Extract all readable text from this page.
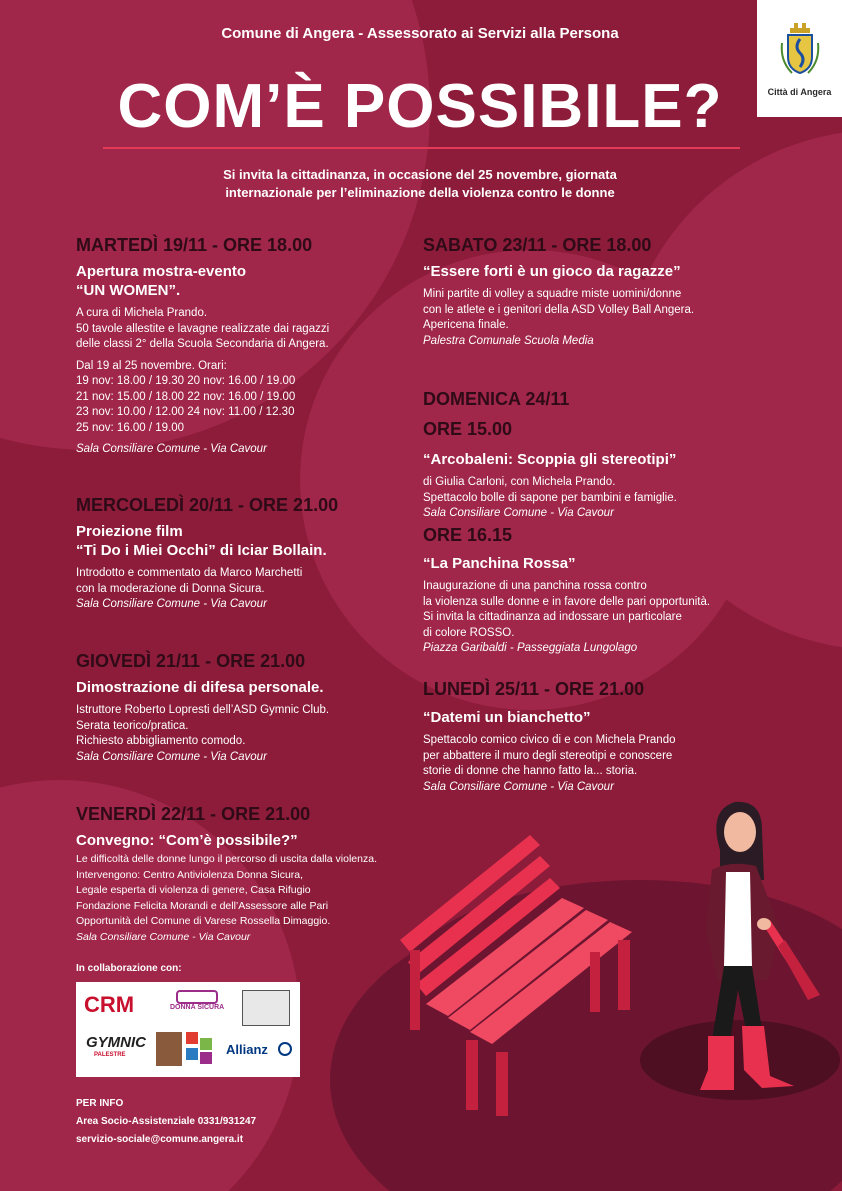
Città di Angera
Comune di Angera - Assessorato ai Servizi alla Persona
COM’È POSSIBILE?
Si invita la cittadinanza, in occasione del 25 novembre, giornata
internazionale per l’eliminazione della violenza contro le donne
MARTEDÌ 19/11 - ORE 18.00
Apertura mostra-evento
“UN WOMEN”.

A cura di Michela Prando.

50 tavole allestite e lavagne realizzate dai ragazzi

delle classi 2° della Scuola Secondaria di Angera.

Dal 19 al 25 novembre. Orari:

19 nov: 18.00 / 19.30 20 nov: 16.00 / 19.00

21 nov: 15.00 / 18.00 22 nov: 16.00 / 19.00

23 nov: 10.00 / 12.00 24 nov: 11.00 / 12.30

25 nov: 16.00 / 19.00

Sala Consiliare Comune - Via Cavour
MERCOLEDÌ 20/11 - ORE 21.00
Proiezione film
“Ti Do i Miei Occhi” di Iciar Bollain.

Introdotto e commentato da Marco Marchetti

con la moderazione di Donna Sicura.

Sala Consiliare Comune - Via Cavour
GIOVEDÌ 21/11 - ORE 21.00
Dimostrazione di difesa personale.

Istruttore Roberto Lopresti dell’ASD Gymnic Club.

Serata teorico/pratica.

Richiesto abbigliamento comodo.

Sala Consiliare Comune - Via Cavour
VENERDÌ 22/11 - ORE 21.00
Convegno: “Com’è possibile?”

Le difficoltà delle donne lungo il percorso di uscita dalla violenza.

Intervengono: Centro Antiviolenza Donna Sicura,

Legale esperta di violenza di genere, Casa Rifugio

Fondazione Felicita Morandi e dell’Assessore alle Pari

Opportunità del Comune di Varese Rossella Dimaggio.

Sala Consiliare Comune - Via Cavour
SABATO 23/11 - ORE 18.00
“Essere forti è un gioco da ragazze”

Mini partite di volley a squadre miste uomini/donne

con le atlete e i genitori della ASD Volley Ball Angera.

Apericena finale.

Palestra Comunale Scuola Media
DOMENICA 24/11
ORE 15.00
“Arcobaleni: Scoppia gli stereotipi”

di Giulia Carloni, con Michela Prando.

Spettacolo bolle di sapone per bambini e famiglie.

Sala Consiliare Comune - Via Cavour
ORE 16.15
“La Panchina Rossa”

Inaugurazione di una panchina rossa contro

la violenza sulle donne e in favore delle pari opportunità.

Si invita la cittadinanza ad indossare un particolare

di colore ROSSO.

Piazza Garibaldi - Passeggiata Lungolago
LUNEDÌ 25/11 - ORE 21.00
“Datemi un bianchetto”

Spettacolo comico civico di e con Michela Prando

per abbattere il muro degli stereotipi e conoscere

storie di donne che hanno fatto la... storia.

Sala Consiliare Comune - Via Cavour
In collaborazione con:
CRM	DONNA SICURA
GYMNIC
PALESTRE	Allianz
PER INFO
Area Socio-Assistenziale 0331/931247
servizio-sociale@comune.angera.it
